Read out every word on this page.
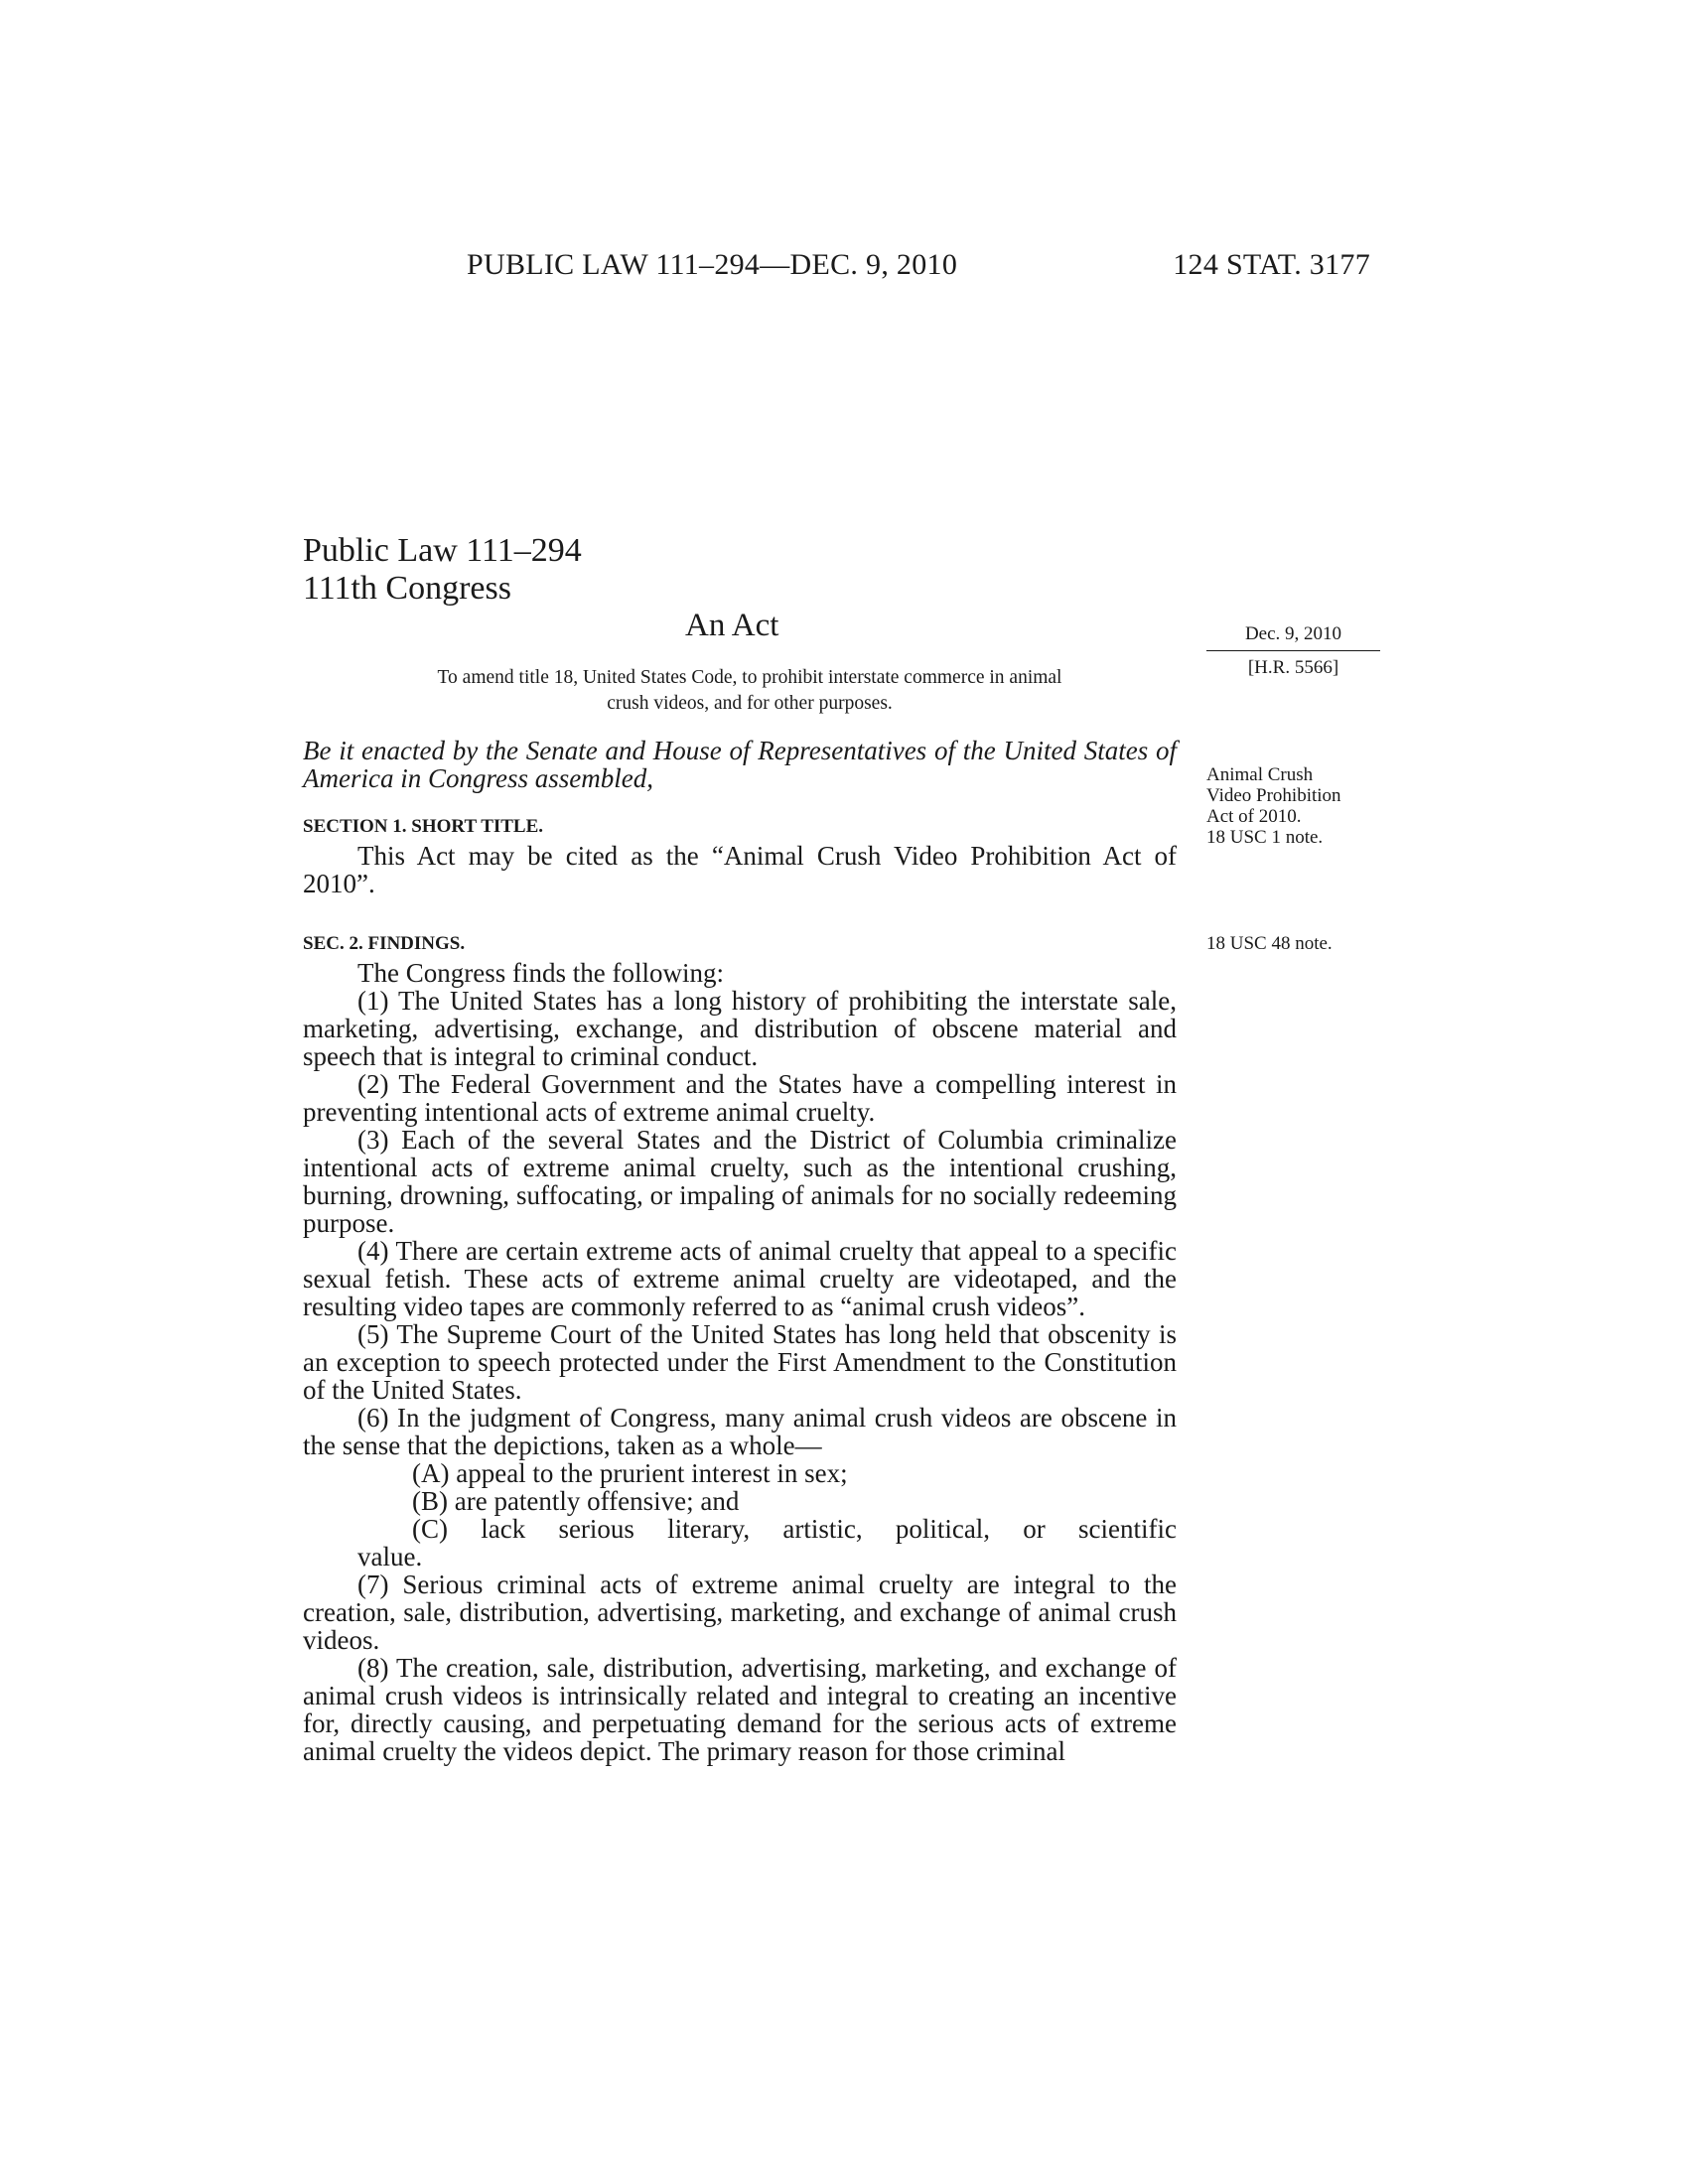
PUBLIC LAW 111–294—DEC. 9, 2010	124 STAT. 3177
Public Law 111–294
111th Congress
An Act
To amend title 18, United States Code, to prohibit interstate commerce in animal
crush videos, and for other purposes.
Dec. 9, 2010
[H.R. 5566]
Be it enacted by the Senate and House of Representatives of the United States of America in Congress assembled,	Animal Crush
Video Prohibition
Act of 2010.
18 USC 1 note.
SECTION 1. SHORT TITLE.

This Act may be cited as the “Animal Crush Video Prohibition Act of 2010”.

SEC. 2. FINDINGS.	18 USC 48 note.

The Congress finds the following:

(1) The United States has a long history of prohibiting the interstate sale, marketing, advertising, exchange, and distribution of obscene material and speech that is integral to criminal conduct.

(2) The Federal Government and the States have a compelling interest in preventing intentional acts of extreme animal cruelty.

(3) Each of the several States and the District of Columbia criminalize intentional acts of extreme animal cruelty, such as the intentional crushing, burning, drowning, suffocating, or impaling of animals for no socially redeeming purpose.

(4) There are certain extreme acts of animal cruelty that appeal to a specific sexual fetish. These acts of extreme animal cruelty are videotaped, and the resulting video tapes are commonly referred to as “animal crush videos”.

(5) The Supreme Court of the United States has long held that obscenity is an exception to speech protected under the First Amendment to the Constitution of the United States.

(6) In the judgment of Congress, many animal crush videos are obscene in the sense that the depictions, taken as a whole—

(A) appeal to the prurient interest in sex;

(B) are patently offensive; and

(C) lack serious literary, artistic, political, or scientific

value.

(7) Serious criminal acts of extreme animal cruelty are integral to the creation, sale, distribution, advertising, marketing, and exchange of animal crush videos.

(8) The creation, sale, distribution, advertising, marketing, and exchange of animal crush videos is intrinsically related and integral to creating an incentive for, directly causing, and perpetuating demand for the serious acts of extreme animal cruelty the videos depict. The primary reason for those criminal
